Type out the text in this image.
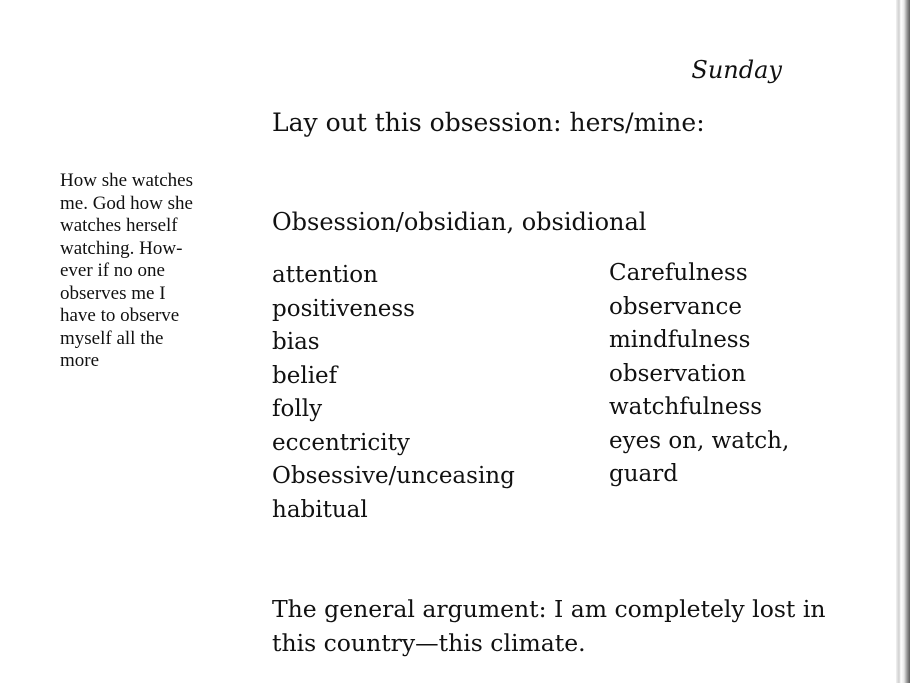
Sunday
Lay out this obsession: hers/mine:
How she watches
me. God how she
watches herself
watching. How-
ever if no one
observes me I
have to observe
myself all the
more
Obsession/obsidian, obsidional
attention
positiveness
bias
belief
folly
eccentricity
Obsessive/unceasing
habitual
Carefulness
observance
mindfulness
observation
watchfulness
eyes on, watch,
guard
The general argument: I am completely lost in
this country—this climate.
